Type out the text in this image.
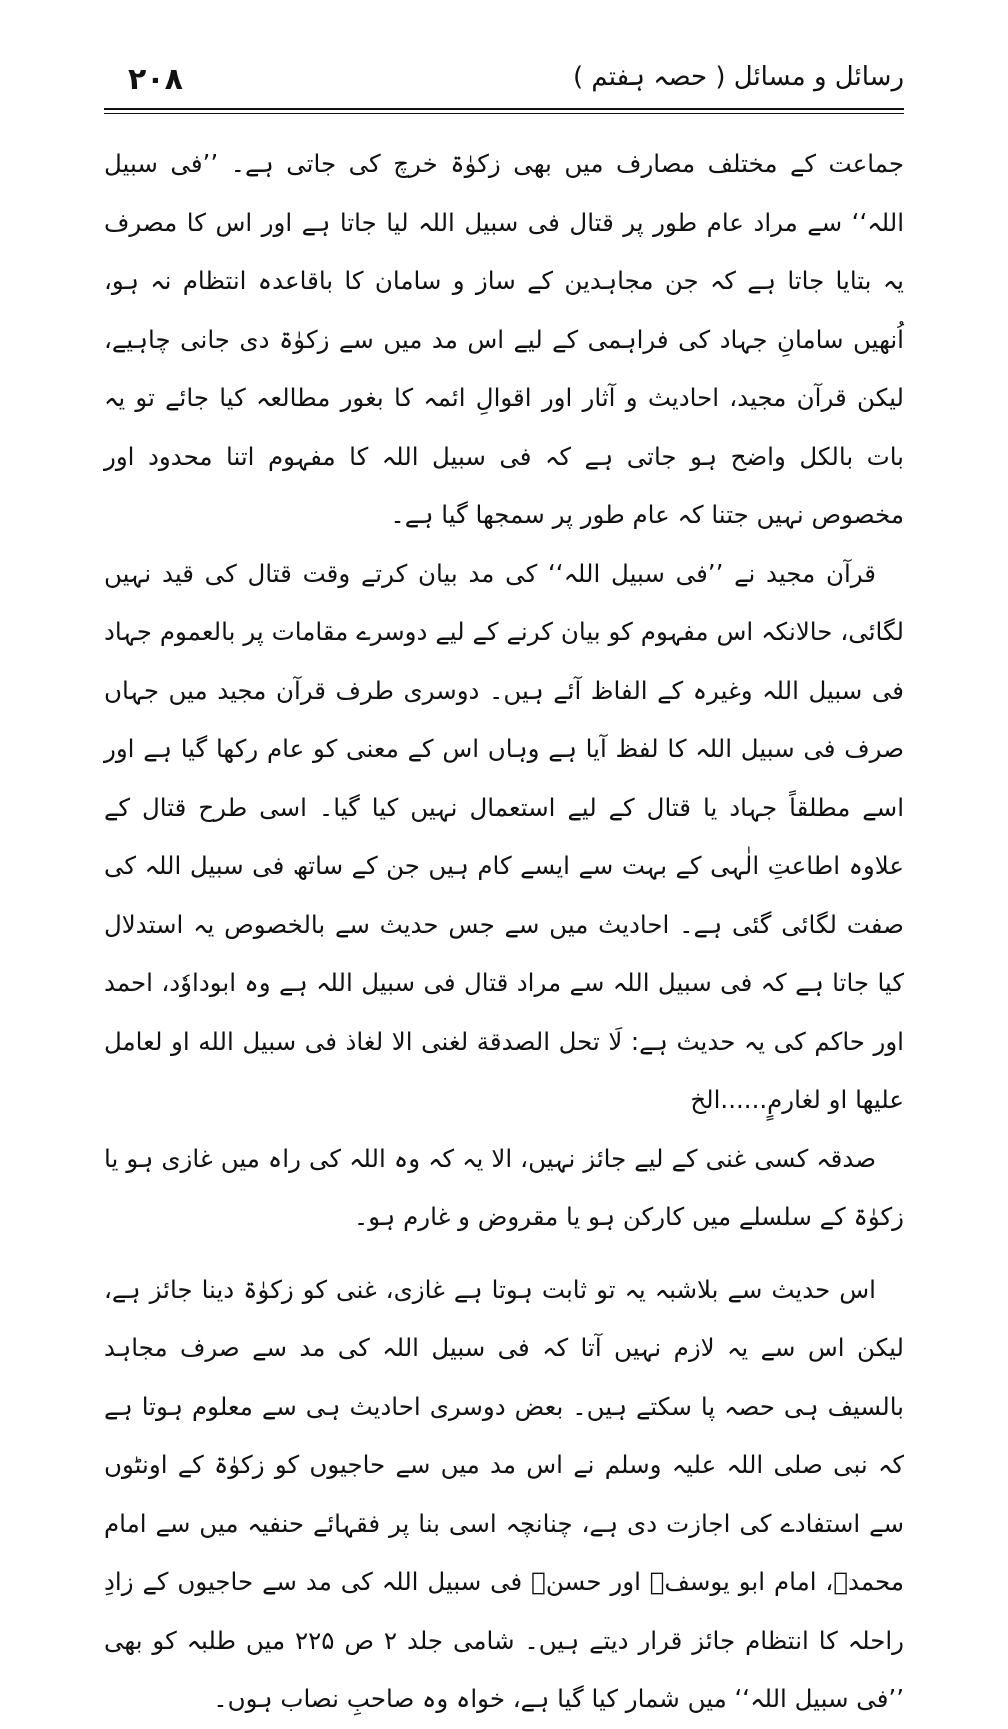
۲۰۸	رسائل و مسائل ( حصہ ہفتم )

جماعت کے مختلف مصارف میں بھی زکوٰۃ خرچ کی جاتی ہے۔ ’’فی سبیل اللہ‘‘ سے مراد عام طور پر قتال فی سبیل اللہ لیا جاتا ہے اور اس کا مصرف یہ بتایا جاتا ہے کہ جن مجاہدین کے ساز و سامان کا باقاعدہ انتظام نہ ہو، اُنھیں سامانِ جہاد کی فراہمی کے لیے اس مد میں سے زکوٰۃ دی جانی چاہیے، لیکن قرآن مجید، احادیث و آثار اور اقوالِ ائمہ کا بغور مطالعہ کیا جائے تو یہ بات بالکل واضح ہو جاتی ہے کہ فی سبیل اللہ کا مفہوم اتنا محدود اور مخصوص نہیں جتنا کہ عام طور پر سمجھا گیا ہے۔

قرآن مجید نے ’’فی سبیل اللہ‘‘ کی مد بیان کرتے وقت قتال کی قید نہیں لگائی، حالانکہ اس مفہوم کو بیان کرنے کے لیے دوسرے مقامات پر بالعموم جہاد فی سبیل اللہ وغیرہ کے الفاظ آئے ہیں۔ دوسری طرف قرآن مجید میں جہاں صرف فی سبیل اللہ کا لفظ آیا ہے وہاں اس کے معنی کو عام رکھا گیا ہے اور اسے مطلقاً جہاد یا قتال کے لیے استعمال نہیں کیا گیا۔ اسی طرح قتال کے علاوہ اطاعتِ الٰہی کے بہت سے ایسے کام ہیں جن کے ساتھ فی سبیل اللہ کی صفت لگائی گئی ہے۔ احادیث میں سے جس حدیث سے بالخصوص یہ استدلال کیا جاتا ہے کہ فی سبیل اللہ سے مراد قتال فی سبیل اللہ ہے وہ ابوداوٗد، احمد اور حاکم کی یہ حدیث ہے: لَا تحل الصدقة لغنى الا لغاذ فى سبيل الله او لعامل عليها او لغارمٍ......الخ

صدقہ کسی غنی کے لیے جائز نہیں، الا یہ کہ وہ اللہ کی راہ میں غازی ہو یا زکوٰۃ کے سلسلے میں کارکن ہو یا مقروض و غارم ہو۔

اس حدیث سے بلاشبہ یہ تو ثابت ہوتا ہے غازی، غنی کو زکوٰۃ دینا جائز ہے، لیکن اس سے یہ لازم نہیں آتا کہ فی سبیل اللہ کی مد سے صرف مجاہد بالسیف ہی حصہ پا سکتے ہیں۔ بعض دوسری احادیث ہی سے معلوم ہوتا ہے کہ نبی صلی اللہ علیہ وسلم نے اس مد میں سے حاجیوں کو زکوٰۃ کے اونٹوں سے استفادے کی اجازت دی ہے، چنانچہ اسی بنا پر فقہائے حنفیہ میں سے امام محمدؒ، امام ابو یوسفؒ اور حسنؒ فی سبیل اللہ کی مد سے حاجیوں کے زادِ راحلہ کا انتظام جائز قرار دیتے ہیں۔ شامی جلد ۲ ص ۲۲۵ میں طلبہ کو بھی ’’فی سبیل اللہ‘‘ میں شمار کیا گیا ہے، خواہ وہ صاحبِ نصاب ہوں۔
